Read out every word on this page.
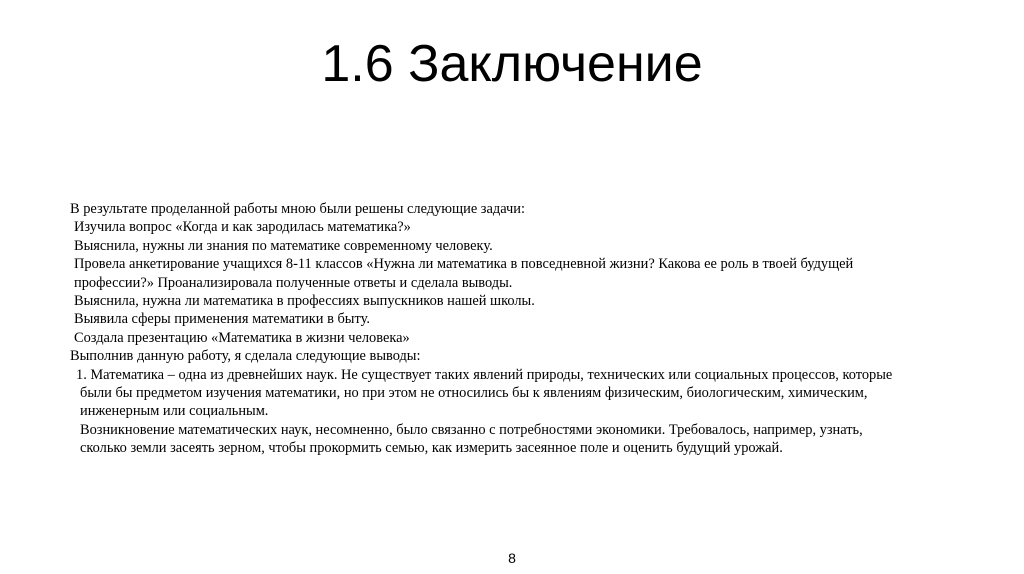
1.6 Заключение
В результате проделанной работы мною были решены следующие задачи:
Изучила вопрос «Когда и как зародилась математика?»
Выяснила, нужны ли знания по математике современному человеку.
Провела анкетирование учащихся 8-11 классов «Нужна ли математика в повседневной жизни? Какова ее роль в твоей будущей
профессии?» Проанализировала полученные ответы и сделала выводы.
Выяснила, нужна ли математика в профессиях выпускников нашей школы.
Выявила сферы применения математики в быту.
Создала презентацию «Математика в жизни человека»
Выполнив данную работу, я сделала следующие выводы:
1. Математика – одна из древнейших наук. Не существует таких явлений природы, технических или социальных процессов, которые
были бы предметом изучения математики, но при этом не относились бы к явлениям физическим, биологическим, химическим,
инженерным или социальным.
Возникновение математических наук, несомненно, было связанно с потребностями экономики. Требовалось, например, узнать,
сколько земли засеять зерном, чтобы прокормить семью, как измерить засеянное поле и оценить будущий урожай.
8
